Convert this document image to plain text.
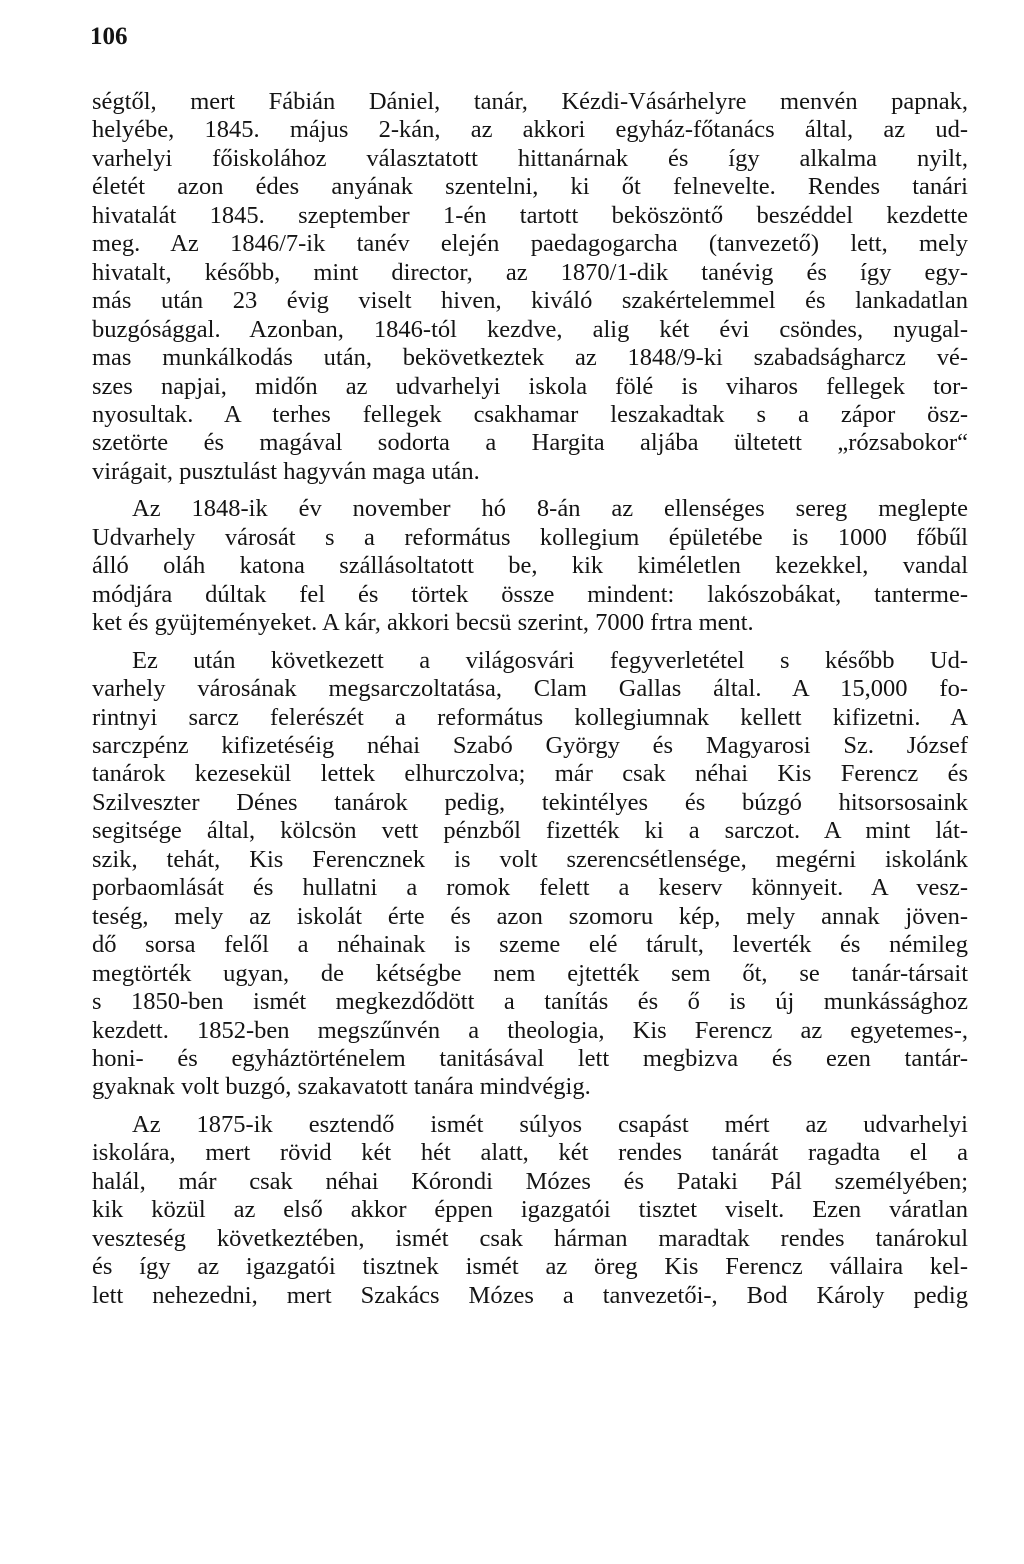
106
ségtől, mert Fábián Dániel, tanár, Kézdi-Vásárhelyre menvén papnak,
helyébe, 1845. május 2-kán, az akkori egyház-főtanács által, az ud-
varhelyi főiskolához választatott hittanárnak és így alkalma nyilt,
életét azon édes anyának szentelni, ki őt felnevelte. Rendes tanári
hivatalát 1845. szeptember 1-én tartott beköszöntő beszéddel kezdette
meg. Az 1846/7-ik tanév elején paedagogarcha (tanvezető) lett, mely
hivatalt, később, mint director, az 1870/1-dik tanévig és így egy-
más után 23 évig viselt hiven, kiváló szakértelemmel és lankadatlan
buzgósággal. Azonban, 1846-tól kezdve, alig két évi csöndes, nyugal-
mas munkálkodás után, bekövetkeztek az 1848/9-ki szabadságharcz vé-
szes napjai, midőn az udvarhelyi iskola fölé is viharos fellegek tor-
nyosultak. A terhes fellegek csakhamar leszakadtak s a zápor ösz-
szetörte és magával sodorta a Hargita aljába ültetett „rózsabokor“
virágait, pusztulást hagyván maga után.
Az 1848-ik év november hó 8-án az ellenséges sereg meglepte
Udvarhely városát s a református kollegium épületébe is 1000 főbűl
álló oláh katona szállásoltatott be, kik kiméletlen kezekkel, vandal
módjára dúltak fel és törtek össze mindent: lakószobákat, tanterme-
ket és gyüjteményeket. A kár, akkori becsü szerint, 7000 frtra ment.
Ez után következett a világosvári fegyverletétel s később Ud-
varhely városának megsarczoltatása, Clam Gallas által. A 15,000 fo-
rintnyi sarcz felerészét a református kollegiumnak kellett kifizetni. A
sarczpénz kifizetéséig néhai Szabó György és Magyarosi Sz. József
tanárok kezesekül lettek elhurczolva; már csak néhai Kis Ferencz és
Szilveszter Dénes tanárok pedig, tekintélyes és búzgó hitsorsosaink
segitsége által, kölcsön vett pénzből fizették ki a sarczot. A mint lát-
szik, tehát, Kis Ferencznek is volt szerencsétlensége, megérni iskolánk
porbaomlását és hullatni a romok felett a keserv könnyeit. A vesz-
teség, mely az iskolát érte és azon szomoru kép, mely annak jöven-
dő sorsa felől a néhainak is szeme elé tárult, leverték és némileg
megtörték ugyan, de kétségbe nem ejtették sem őt, se tanár-társait
s 1850-ben ismét megkezdődött a tanítás és ő is új munkássághoz
kezdett. 1852-ben megszűnvén a theologia, Kis Ferencz az egyetemes-,
honi- és egyháztörténelem tanitásával lett megbizva és ezen tantár-
gyaknak volt buzgó, szakavatott tanára mindvégig.
Az 1875-ik esztendő ismét súlyos csapást mért az udvarhelyi
iskolára, mert rövid két hét alatt, két rendes tanárát ragadta el a
halál, már csak néhai Kórondi Mózes és Pataki Pál személyében;
kik közül az első akkor éppen igazgatói tisztet viselt. Ezen váratlan
veszteség következtében, ismét csak hárman maradtak rendes tanárokul
és így az igazgatói tisztnek ismét az öreg Kis Ferencz vállaira kel-
lett nehezedni, mert Szakács Mózes a tanvezetői-, Bod Károly pedig
